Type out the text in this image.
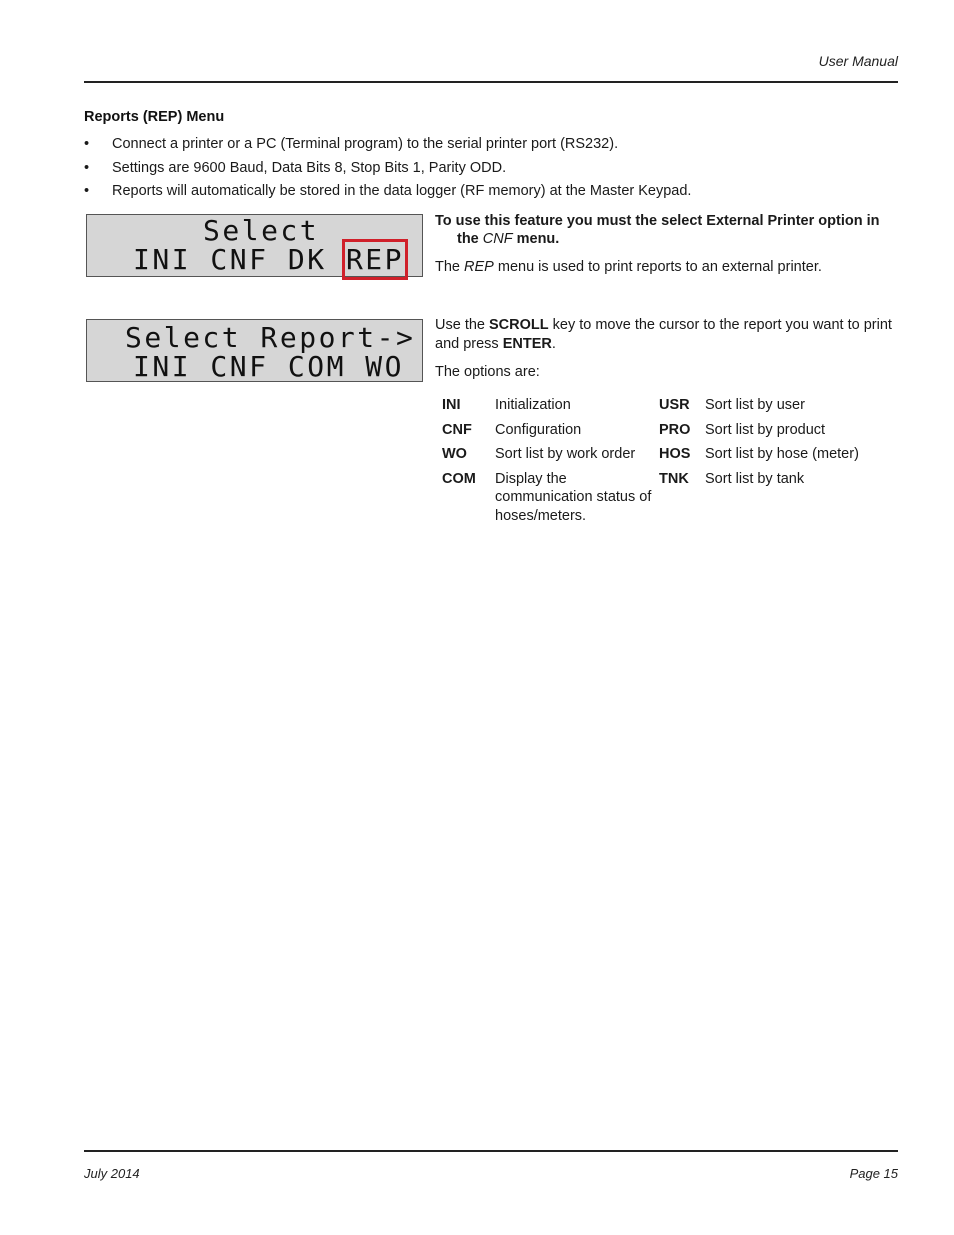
User Manual
Reports (REP) Menu
• Connect a printer or a PC (Terminal program) to the serial printer port (RS232).
• Settings are 9600 Baud, Data Bits 8, Stop Bits 1, Parity ODD.
• Reports will automatically be stored in the data logger (RF memory) at the Master Keypad.
Select
INI CNF DK REP
To use this feature you must the select External Printer option in
the CNF menu.
The REP menu is used to print reports to an external printer.
Select Report->
INI CNF COM WO
Use the SCROLL key to move the cursor to the report you want to print and press ENTER.
The options are:
INI	Initialization	USR	Sort list by user
CNF	Configuration	PRO	Sort list by product
WO	Sort list by work order	HOS	Sort list by hose (meter)
COM	Display the communication status of hoses/meters.	TNK	Sort list by tank
July 2014	Page 15
